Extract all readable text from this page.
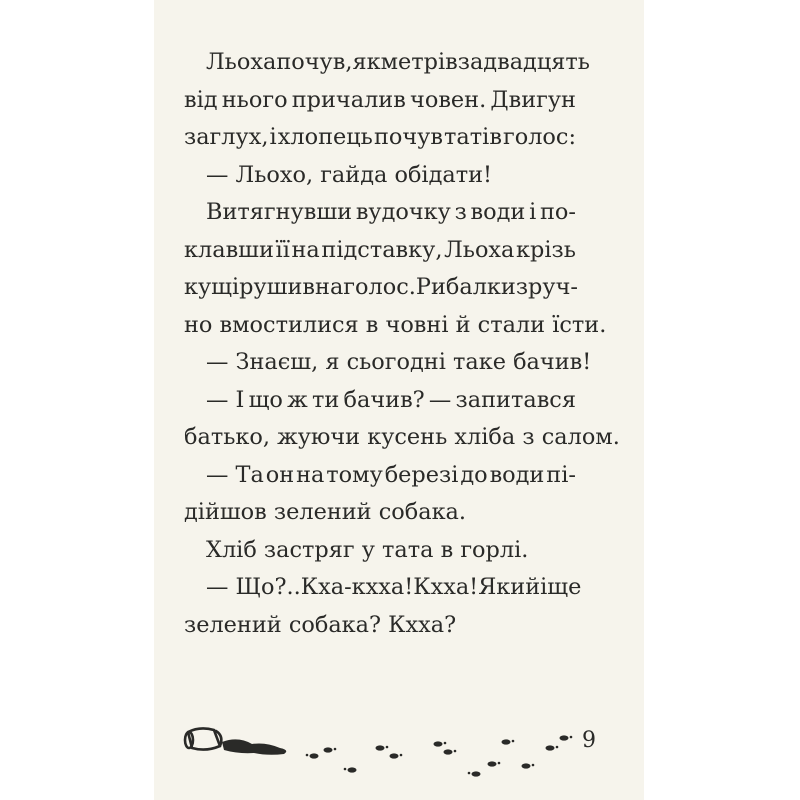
Льоха почув, як метрів за двадцять
від нього причалив човен. Двигун
заглух, і хлопець почув татів голос:
— Льохо, гайда обідати!
Витягнувши вудочку з води і по-
клавши її на підставку, Льоха крізь
кущі рушив на голос. Рибалки зруч-
но вмостилися в човні й стали їсти.
— Знаєш, я сьогодні таке бачив!
— І що ж ти бачив? — запитався
батько, жуючи кусень хліба з салом.
— Та он на тому березі до води пі-
дійшов зелений собака.
Хліб застряг у тата в горлі.
— Що?.. Кха-кхха! Кхха! Який іще
зелений собака? Кхха?
9
